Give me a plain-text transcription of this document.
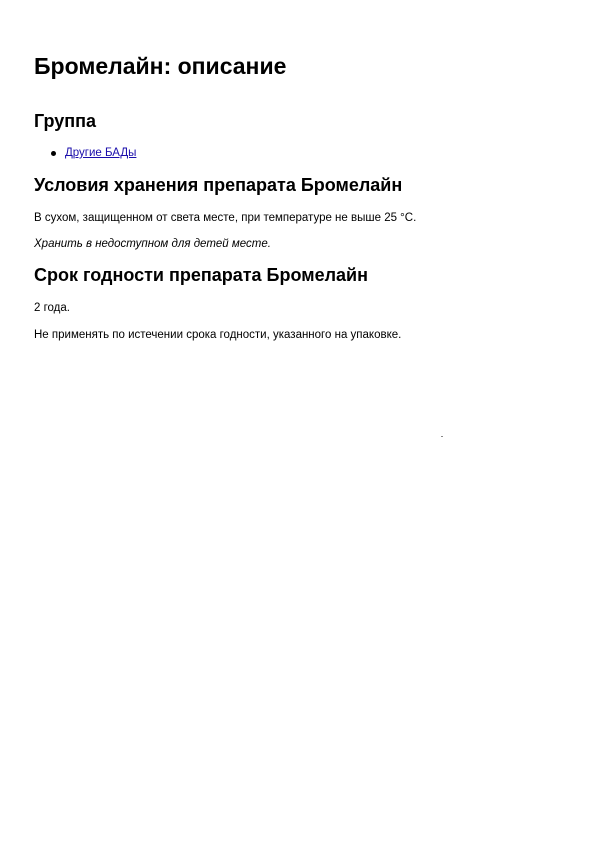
Бромелайн: описание
Группа
Другие БАДы
Условия хранения препарата Бромелайн

В сухом, защищенном от света месте, при температуре не выше 25 °C.

Хранить в недоступном для детей месте.

Срок годности препарата Бромелайн

2 года.

Не применять по истечении срока годности, указанного на упаковке.
